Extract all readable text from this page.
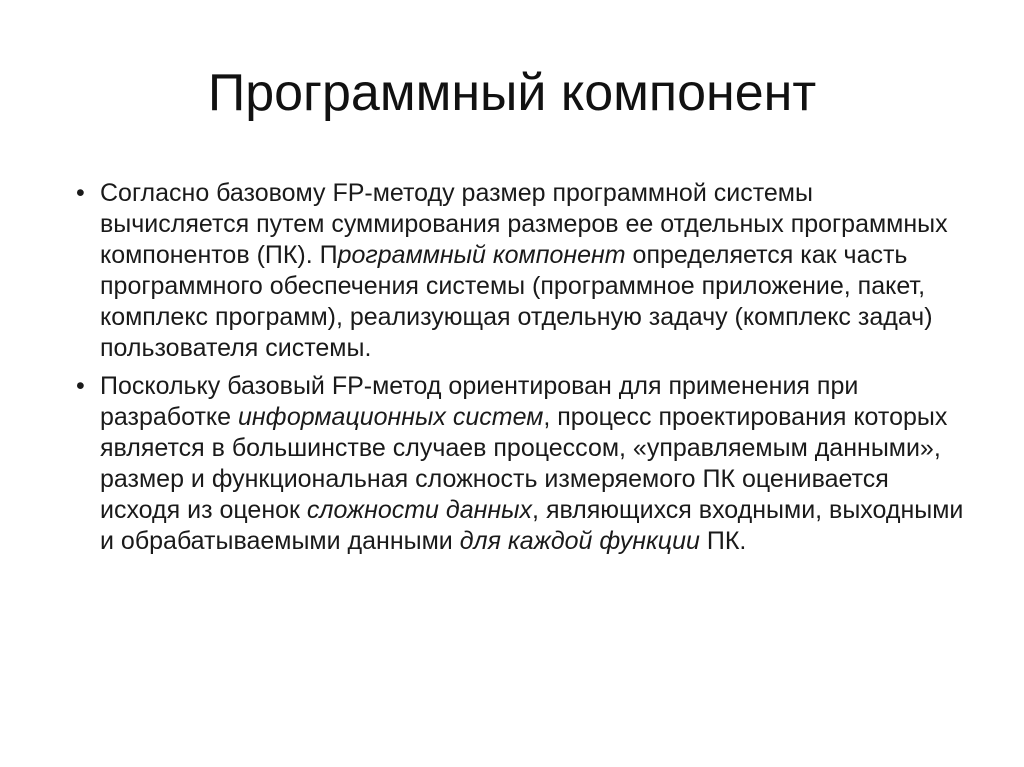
Программный компонент
• Согласно базовому FP-методу размер программной системы вычисляется путем суммирования размеров ее отдельных программных компонентов (ПК). Программный компонент определяется как часть программного обеспечения системы (программное приложение, пакет, комплекс программ), реализующая отдельную задачу (комплекс задач) пользователя системы.
• Поскольку базовый FP-метод ориентирован для применения при разработке информационных систем, процесс проектирования которых является в большинстве случаев процессом, «управляемым данными», размер и функциональная сложность измеряемого ПК оценивается исходя из оценок сложности данных, являющихся входными, выходными и обрабатываемыми данными для каждой функции ПК.
